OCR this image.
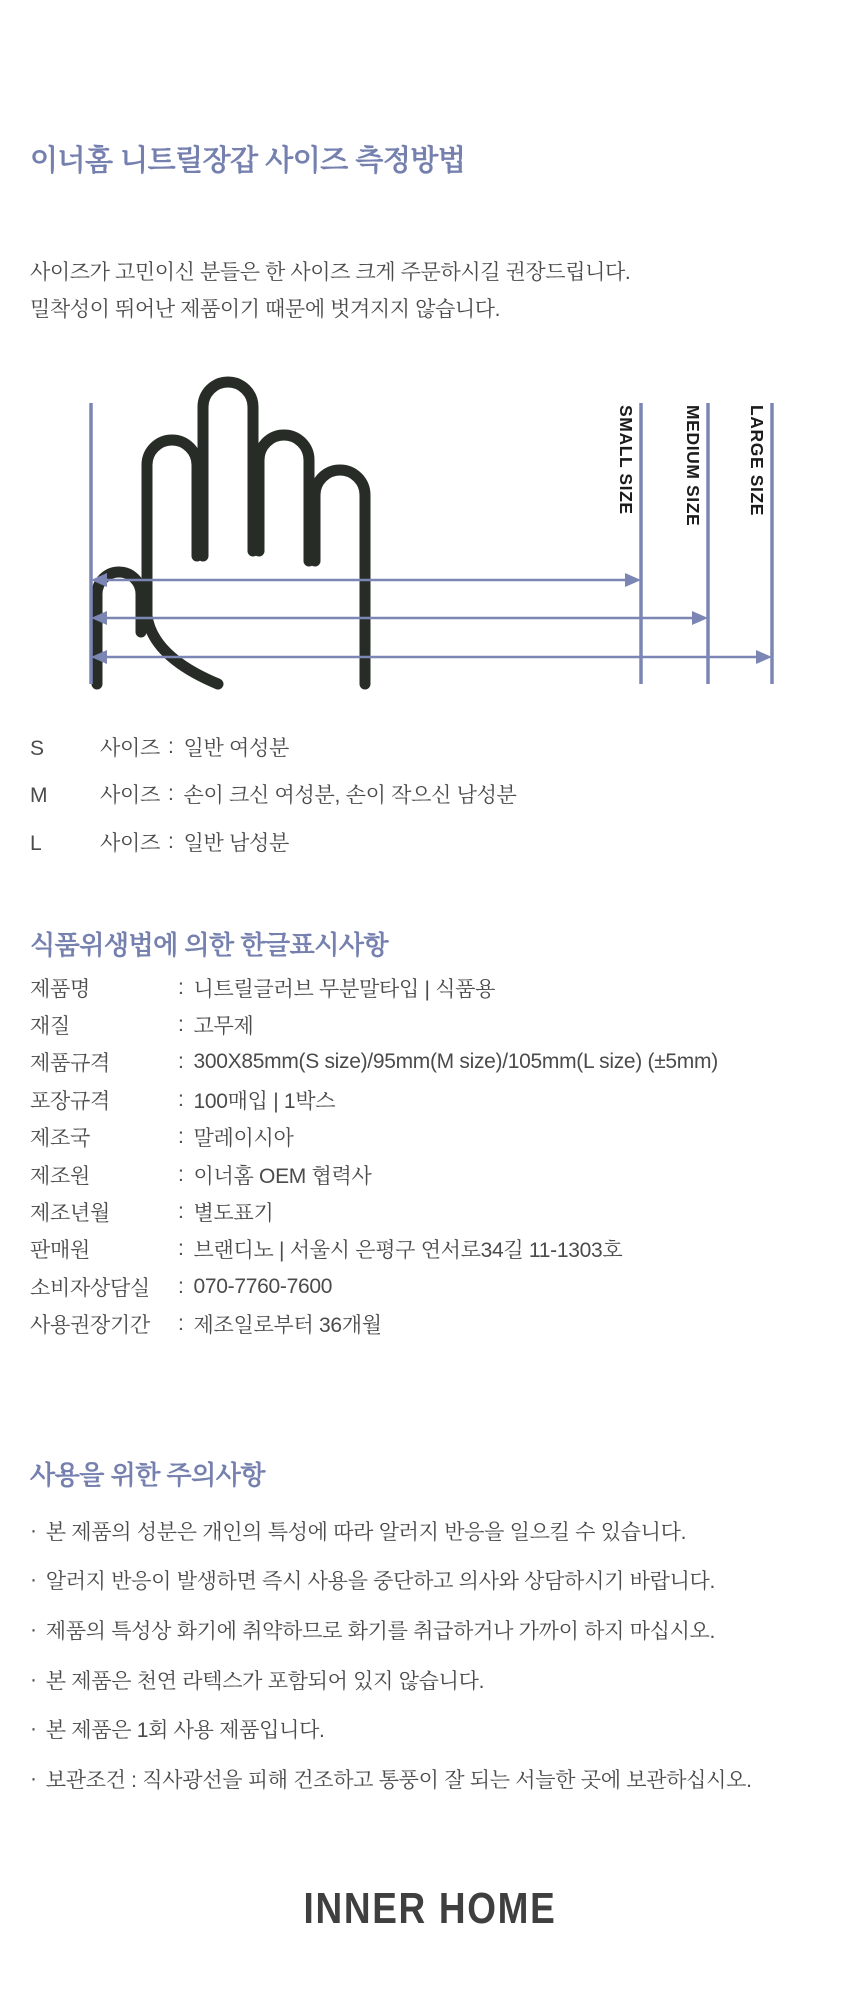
이너홈 니트릴장갑 사이즈 측정방법

사이즈가 고민이신 분들은 한 사이즈 크게 주문하시길 권장드립니다.
밀착성이 뛰어난 제품이기 때문에 벗겨지지 않습니다.

SMALL SIZE	MEDIUM SIZE	LARGE SIZE
S 사이즈 : 일반 여성분
M 사이즈 : 손이 크신 여성분, 손이 작으신 남성분
L 사이즈 : 일반 남성분
식품위생법에 의한 한글표시사항
제품명	: 니트릴글러브 무분말타입 | 식품용
재질	: 고무제
제품규격	: 300X85mm(S size)/95mm(M size)/105mm(L size) (±5mm)
포장규격	: 100매입 | 1박스
제조국	: 말레이시아
제조원	: 이너홈 OEM 협력사
제조년월	: 별도표기
판매원	: 브랜디노 | 서울시 은평구 연서로34길 11-1303호
소비자상담실	: 070-7760-7600
사용권장기간	: 제조일로부터 36개월
사용을 위한 주의사항
· 본 제품의 성분은 개인의 특성에 따라 알러지 반응을 일으킬 수 있습니다.
· 알러지 반응이 발생하면 즉시 사용을 중단하고 의사와 상담하시기 바랍니다.
· 제품의 특성상 화기에 취약하므로 화기를 취급하거나 가까이 하지 마십시오.
· 본 제품은 천연 라텍스가 포함되어 있지 않습니다.
· 본 제품은 1회 사용 제품입니다.
· 보관조건 : 직사광선을 피해 건조하고 통풍이 잘 되는 서늘한 곳에 보관하십시오.
INNER HOME
